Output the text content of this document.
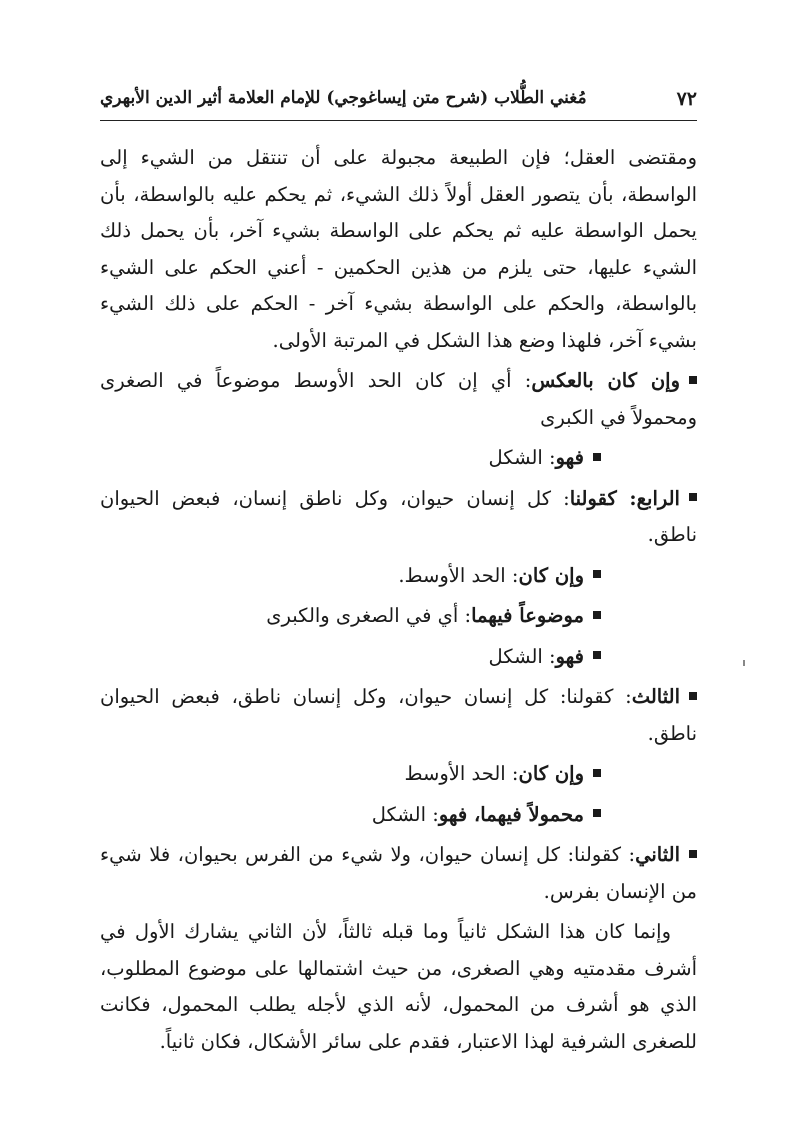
٧٢
مُغني الطُّلاب (شرح متن إيساغوجي) للإمام العلامة أثير الدين الأبهري

ومقتضى العقل؛ فإن الطبيعة مجبولة على أن تنتقل من الشيء إلى الواسطة، بأن يتصور العقل أولاً ذلك الشيء، ثم يحكم عليه بالواسطة، بأن يحمل الواسطة عليه ثم يحكم على الواسطة بشيء آخر، بأن يحمل ذلك الشيء عليها، حتى يلزم من هذين الحكمين - أعني الحكم على الشيء بالواسطة، والحكم على الواسطة بشيء آخر - الحكم على ذلك الشيء بشيء آخر، فلهذا وضع هذا الشكل في المرتبة الأولى.

وإن كان بالعكس: أي إن كان الحد الأوسط موضوعاً في الصغرى ومحمولاً في الكبرى

فهو: الشكل

الرابع: كقولنا: كل إنسان حيوان، وكل ناطق إنسان، فبعض الحيوان ناطق.

وإن كان: الحد الأوسط.

موضوعاً فيهما: أي في الصغرى والكبرى

فهو: الشكل

الثالث: كقولنا: كل إنسان حيوان، وكل إنسان ناطق، فبعض الحيوان ناطق.

وإن كان: الحد الأوسط

محمولاً فيهما، فهو: الشكل

الثاني: كقولنا: كل إنسان حيوان، ولا شيء من الفرس بحيوان، فلا شيء من الإنسان بفرس.

وإنما كان هذا الشكل ثانياً وما قبله ثالثاً، لأن الثاني يشارك الأول في أشرف مقدمتيه وهي الصغرى، من حيث اشتمالها على موضوع المطلوب، الذي هو أشرف من المحمول، لأنه الذي لأجله يطلب المحمول، فكانت للصغرى الشرفية لهذا الاعتبار، فقدم على سائر الأشكال، فكان ثانياً.
